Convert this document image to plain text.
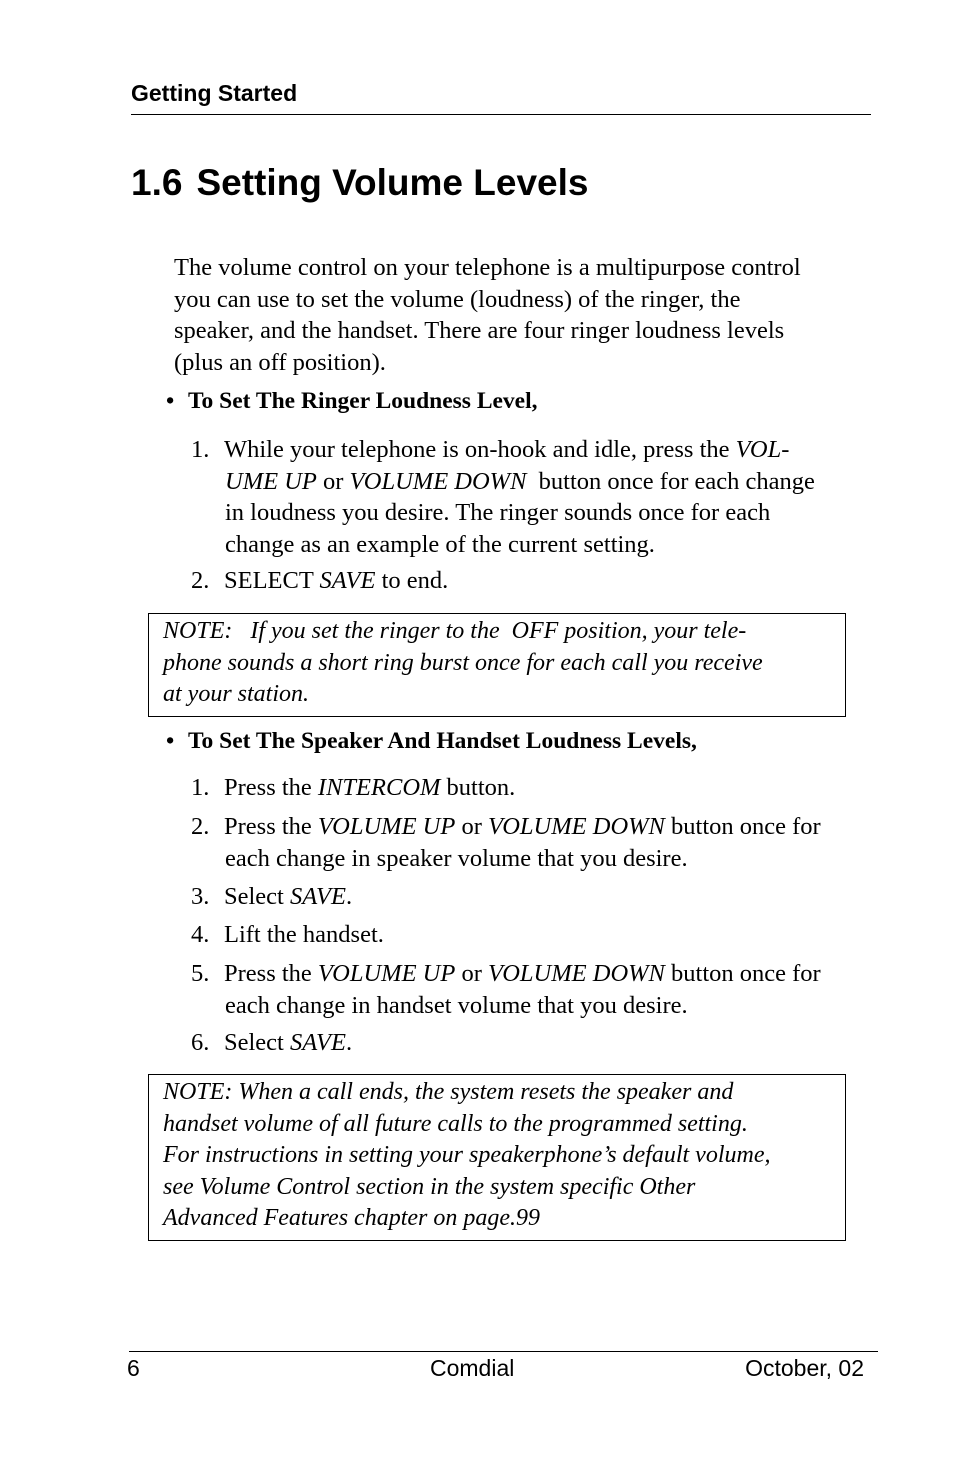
Getting Started
1.6 Setting Volume Levels
The volume control on your telephone is a multipurpose control
you can use to set the volume (loudness) of the ringer, the
speaker, and the handset. There are four ringer loudness levels
(plus an off position).
• To Set The Ringer Loudness Level,
1. While your telephone is on-hook and idle, press the VOL-
UME UP or VOLUME DOWN  button once for each change
in loudness you desire. The ringer sounds once for each
change as an example of the current setting.
2. SELECT SAVE to end.
NOTE:   If you set the ringer to the  OFF position, your tele-
phone sounds a short ring burst once for each call you receive
at your station.
• To Set The Speaker And Handset Loudness Levels,
1. Press the INTERCOM button.
2. Press the VOLUME UP or VOLUME DOWN button once for
each change in speaker volume that you desire.
3. Select SAVE.
4. Lift the handset.
5. Press the VOLUME UP or VOLUME DOWN button once for
each change in handset volume that you desire.
6. Select SAVE.
NOTE: When a call ends, the system resets the speaker and
handset volume of all future calls to the programmed setting.
For instructions in setting your speakerphone’s default volume,
see Volume Control section in the system specific Other
Advanced Features chapter on page.99
6	Comdial	October, 02
